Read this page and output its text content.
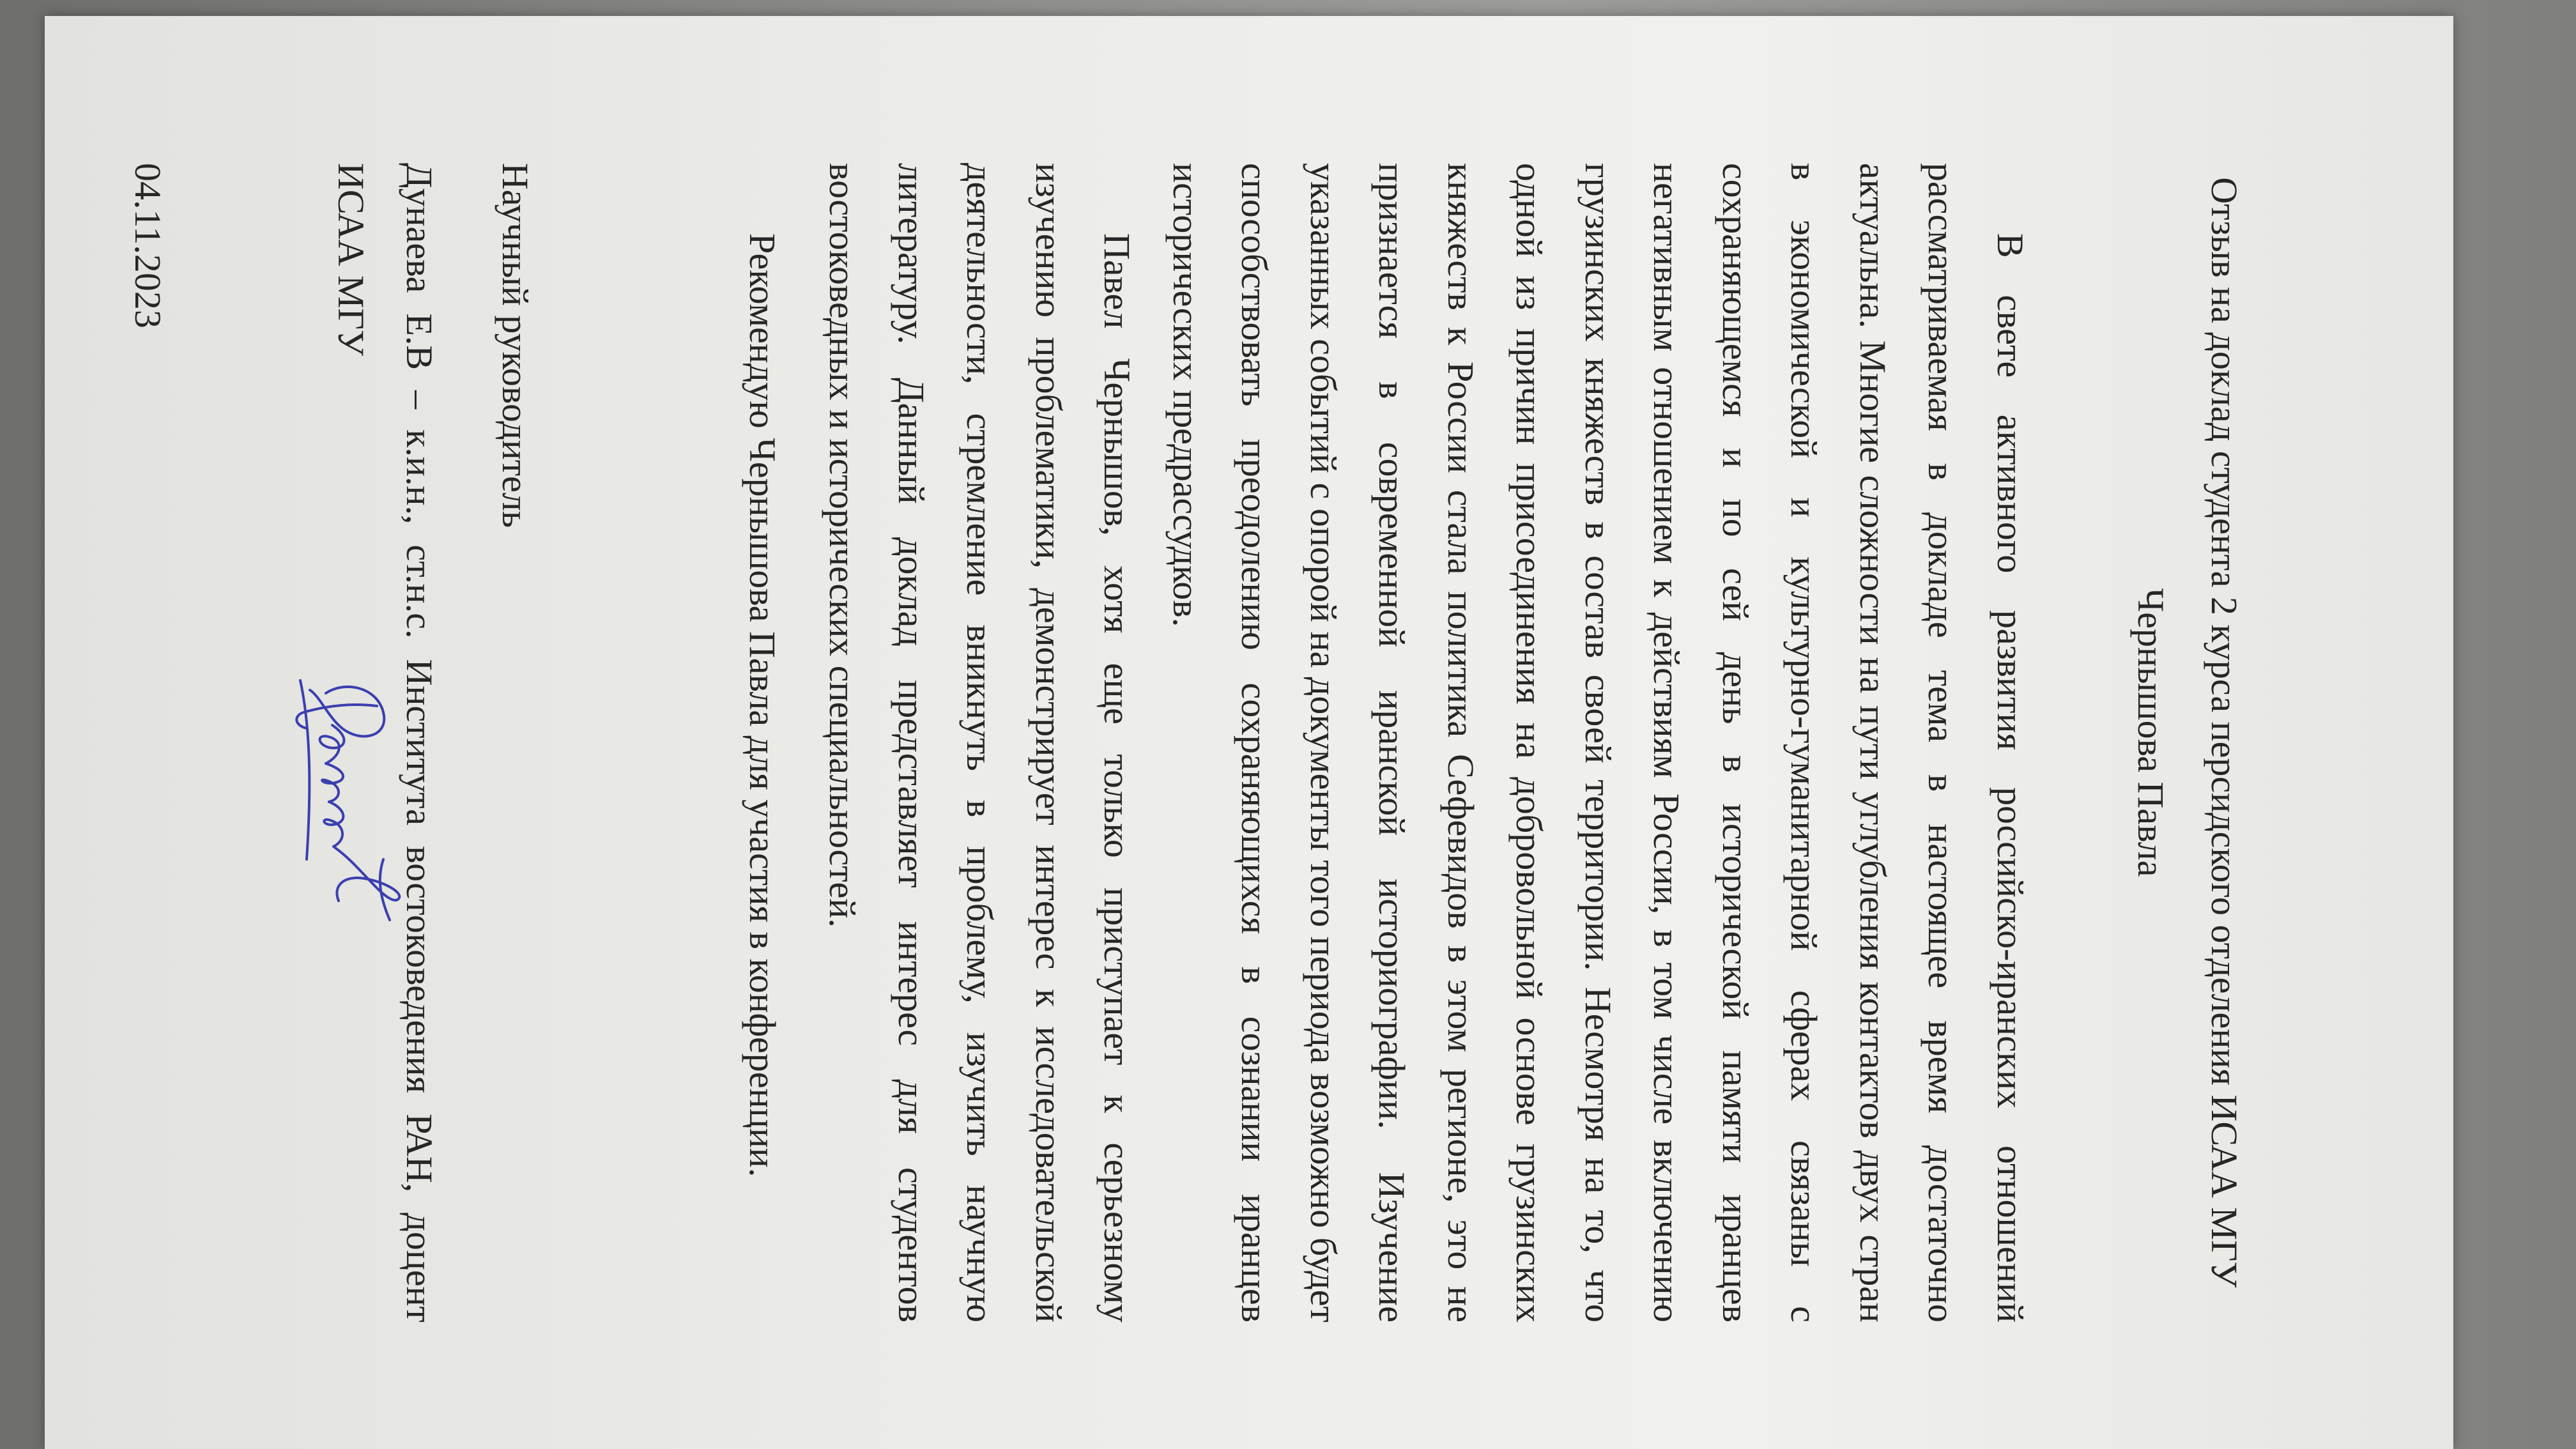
Отзыв на доклад студента 2 курса персидского отделения ИСАА МГУ
Чернышова Павла

В свете активного развития российско-иранских отношений рассматриваемая в докладе тема в настоящее время достаточно актуальна. Многие сложности на пути углубления контактов двух стран в экономической и культурно-гуманитарной сферах связаны с сохраняющемся и по сей день в исторической памяти иранцев негативным отношением к действиям России, в том числе включению грузинских княжеств в состав своей территории. Несмотря на то, что одной из причин присоединения на добровольной основе грузинских княжеств к России стала политика Сефевидов в этом регионе, это не признается в современной иранской историографии. Изучение указанных событий с опорой на документы того периода возможно будет способствовать преодолению сохраняющихся в сознании иранцев исторических предрассудков.

Павел Чернышов, хотя еще только приступает к серьезному изучению проблематики, демонстрирует интерес к исследовательской деятельности, стремление вникнуть в проблему, изучить научную литературу. Данный доклад представляет интерес для студентов востоковедных и исторических специальностей.

Рекомендую Чернышова Павла для участия в конференции.

Научный руководитель
Дунаева Е.В – к.и.н., ст.н.с. Института востоковедения РАН, доцент ИСАА МГУ
04.11.2023
